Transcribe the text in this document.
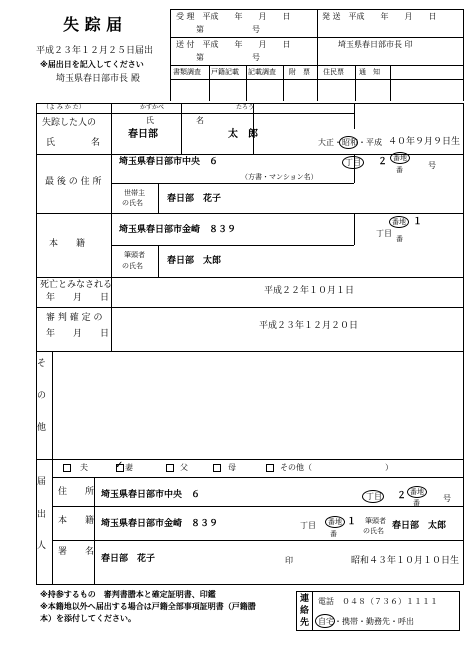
失 踪 届
平成２３年１２月２５日届出
※届出日を記入してください
埼玉県春日部市長 殿
受 理　平成　　年　　月　　日
第　　　　　　号
送 付　平成　　年　　月　　日
第　　　　　　号
発 送　平成　　年　　月　　日
埼玉県春日部市長 印
書類調査 戸籍記載 記載調査 附　票 住民票 通　知
（よ み か た）
失踪した人の
氏　　　　名
かすかべ	たろう
氏	名
春日部	太　郎
大正・昭和・平成 ４０年９月９日生
最 後 の 住 所
埼玉県春日部市中央　６
（方書・マンション名）
丁目 ２ 番地
番	号
世帯主
の氏名	春日部　花子
本　　籍
埼玉県春日部市金崎　８３９	丁目
番地 １
番
筆頭者
の氏名	春日部　太郎
死亡とみなされる
年　　月　　日
平成２２年１０月１日
審 判 確 定 の
年　　月　　日
平成２３年１２月２０日
そ
の
他
届
出
人
夫	✓ 妻	父	母	その他（	）
住　　所 埼玉県春日部市中央　６	丁目 ２ 番地
番	号
本　　籍 埼玉県春日部市金崎　８３９	丁目 番地 １
番
筆頭者
の氏名 春日部　太郎
署　　名
春日部　花子	印	昭和４３年１０月１０日生
※持参するもの　審判書謄本と確定証明書、印鑑
※本籍地以外へ届出する場合は戸籍全部事項証明書（戸籍謄
本）を添付してください。
連
絡
先
電話　０４８（７３６）１１１１
自宅・携帯・勤務先・呼出
